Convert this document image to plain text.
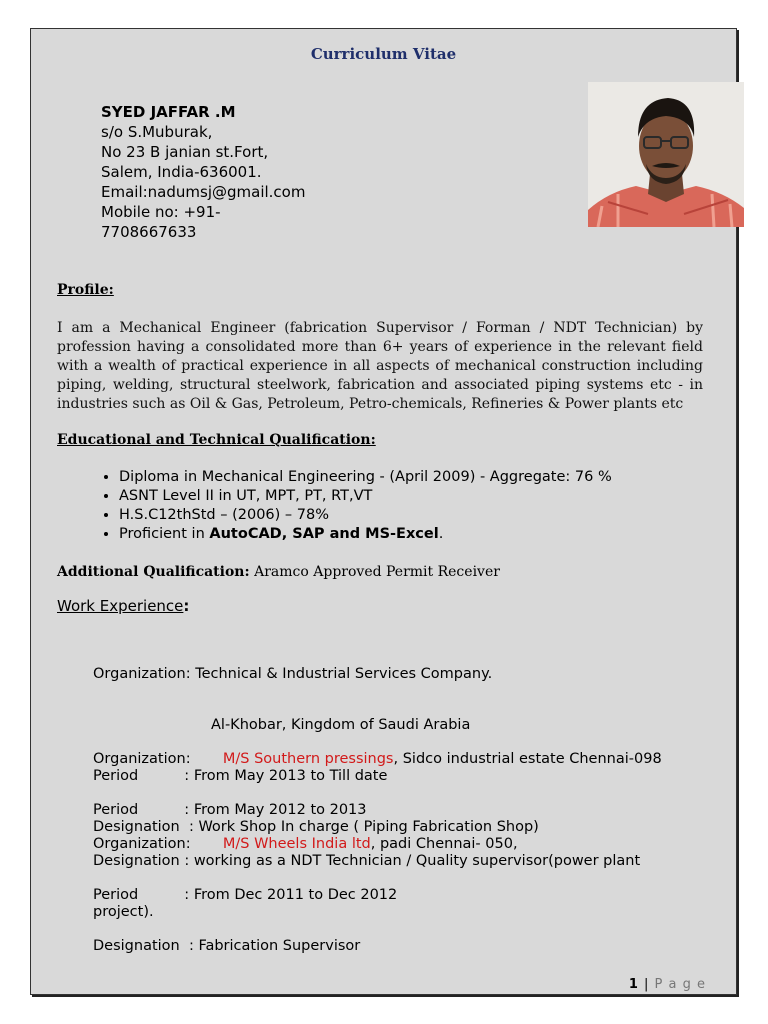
Curriculum Vitae
SYED JAFFAR .M
s/o S.Muburak,
No 23 B janian st.Fort,
Salem, India-636001.
Email:nadumsj@gmail.com
Mobile no: +91-
7708667633
Profile:
I am a Mechanical Engineer (fabrication Supervisor / Forman / NDT Technician) by profession having a consolidated more than 6+ years of experience in the relevant field with a wealth of practical experience in all aspects of mechanical construction including piping, welding, structural steelwork, fabrication and associated piping systems etc - in industries such as Oil & Gas, Petroleum, Petro-chemicals, Refineries & Power plants etc
Educational and Technical Qualification:
• Diploma in Mechanical Engineering - (April 2009) - Aggregate: 76 %
• ASNT Level II in UT, MPT, PT, RT,VT
• H.S.C12thStd – (2006) – 78%
• Proficient in AutoCAD, SAP and MS-Excel.
Additional Qualification: Aramco Approved Permit Receiver
Work Experience:

Organization: Technical & Industrial Services Company.

Al-Khobar, Kingdom of Saudi Arabia

Period          : From May 2013 to Till date

Designation  : Work Shop In charge ( Piping Fabrication Shop)

Organization:       M/S Southern pressings, Sidco industrial estate Chennai-098

Period          : From May 2012 to 2013

Designation : working as a NDT Technician / Quality supervisor(power plant

project).

Organization:       M/S Wheels India ltd, padi Chennai- 050,

Period          : From Dec 2011 to Dec 2012

Designation  : Fabrication Supervisor

1 | P a g e
